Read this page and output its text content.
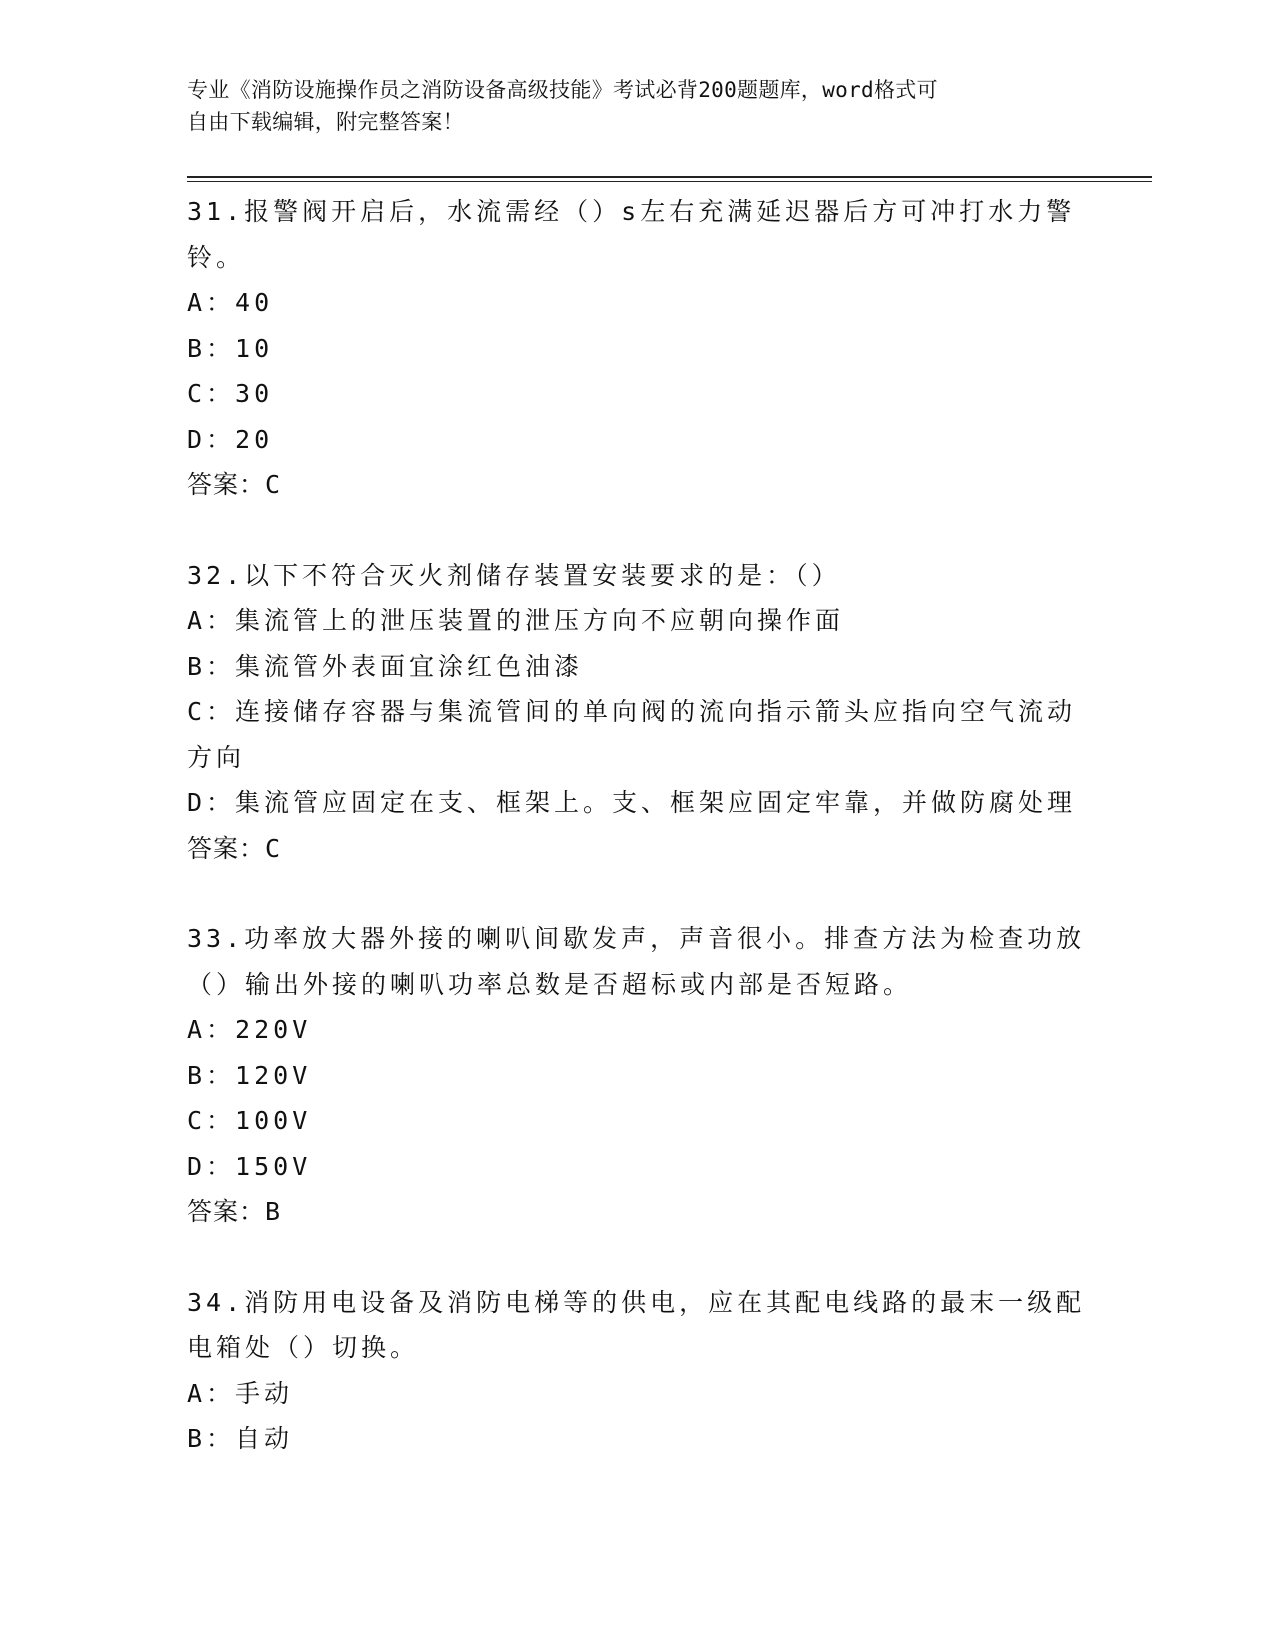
专业《消防设施操作员之消防设备高级技能》考试必背200题题库，word格式可
自由下载编辑，附完整答案！
31.报警阀开启后，水流需经（）s左右充满延迟器后方可冲打水力警
铃。
A：40
B：10
C：30
D：20
答案：C
32.以下不符合灭火剂储存装置安装要求的是：（）
A：集流管上的泄压装置的泄压方向不应朝向操作面
B：集流管外表面宜涂红色油漆
C：连接储存容器与集流管间的单向阀的流向指示箭头应指向空气流动
方向
D：集流管应固定在支、框架上。支、框架应固定牢靠，并做防腐处理
答案：C
33.功率放大器外接的喇叭间歇发声，声音很小。排查方法为检查功放
（）输出外接的喇叭功率总数是否超标或内部是否短路。
A：220V
B：120V
C：100V
D：150V
答案：B
34.消防用电设备及消防电梯等的供电，应在其配电线路的最末一级配
电箱处（）切换。
A：手动
B：自动
